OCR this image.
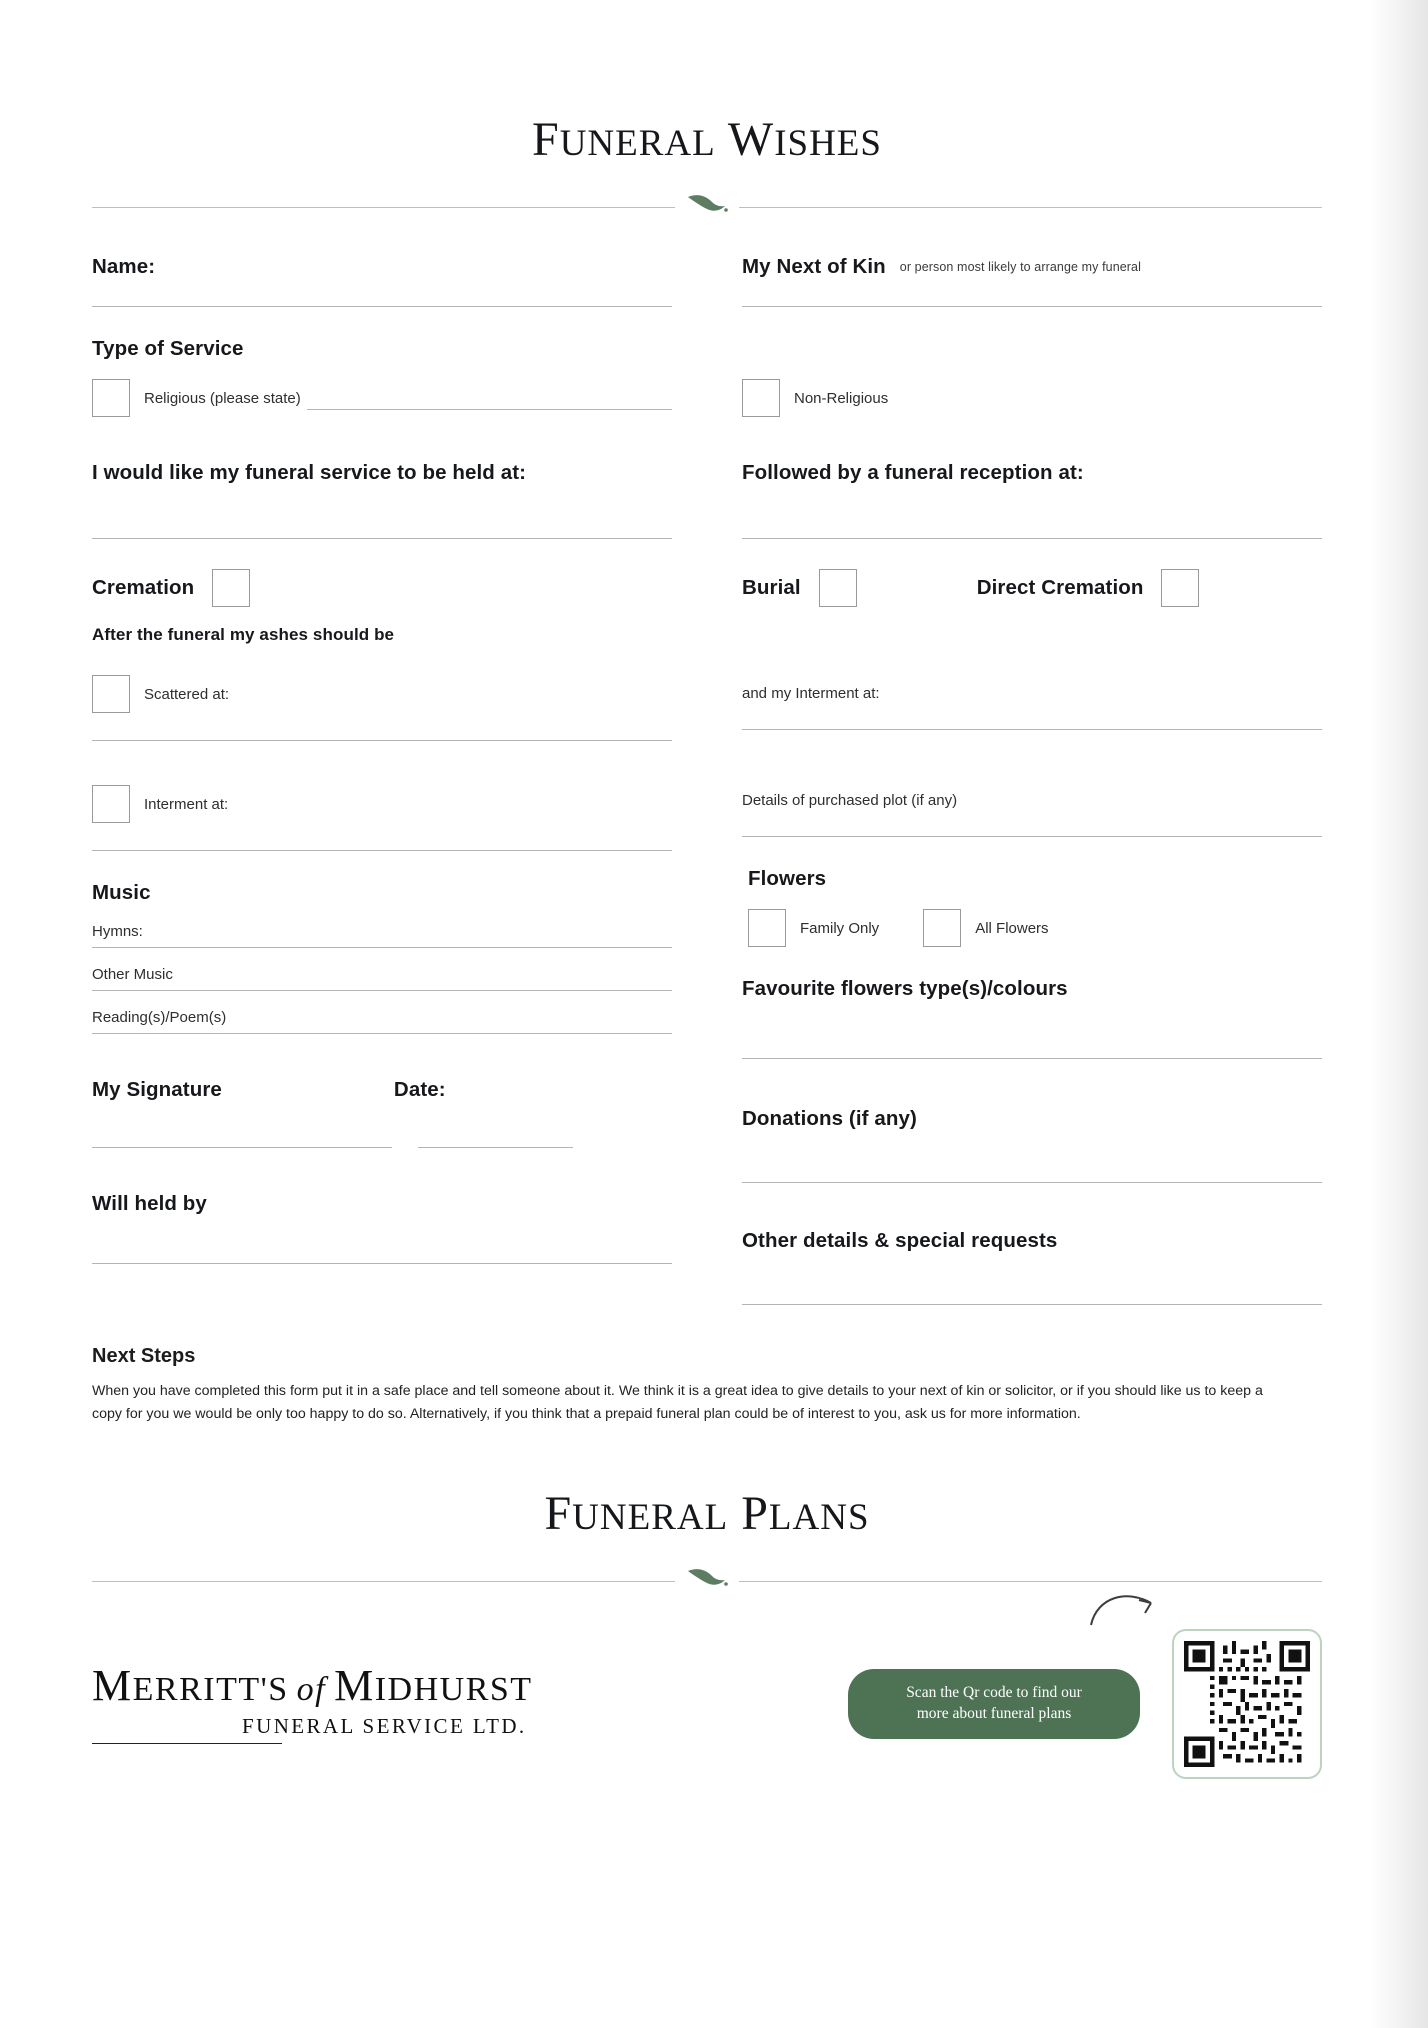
FUNERAL WISHES
Name:
Type of Service
Religious (please state)
I would like my funeral service to be held at:
Cremation
After the funeral my ashes should be
Scattered at:
Interment at:
Music
Hymns:
Other Music
Reading(s)/Poem(s)
My Signature	Date:
Will held by
My Next of Kin or person most likely to arrange my funeral
Non-Religious
Followed by a funeral reception at:
Burial	Direct Cremation
and my Interment at:
Details of purchased plot (if any)
Flowers
Family Only	All Flowers
Favourite flowers type(s)/colours
Donations (if any)
Other details & special requests
Next Steps

When you have completed this form put it in a safe place and tell someone about it. We think it is a great idea to give details to your next of kin or solicitor, or if you should like us to keep a copy for you we would be only too happy to do so. Alternatively, if you think that a prepaid funeral plan could be of interest to you, ask us for more information.

FUNERAL PLANS
MERRITT'S of MIDHURST
FUNERAL SERVICE LTD.
Scan the Qr code to find our
more about funeral plans
